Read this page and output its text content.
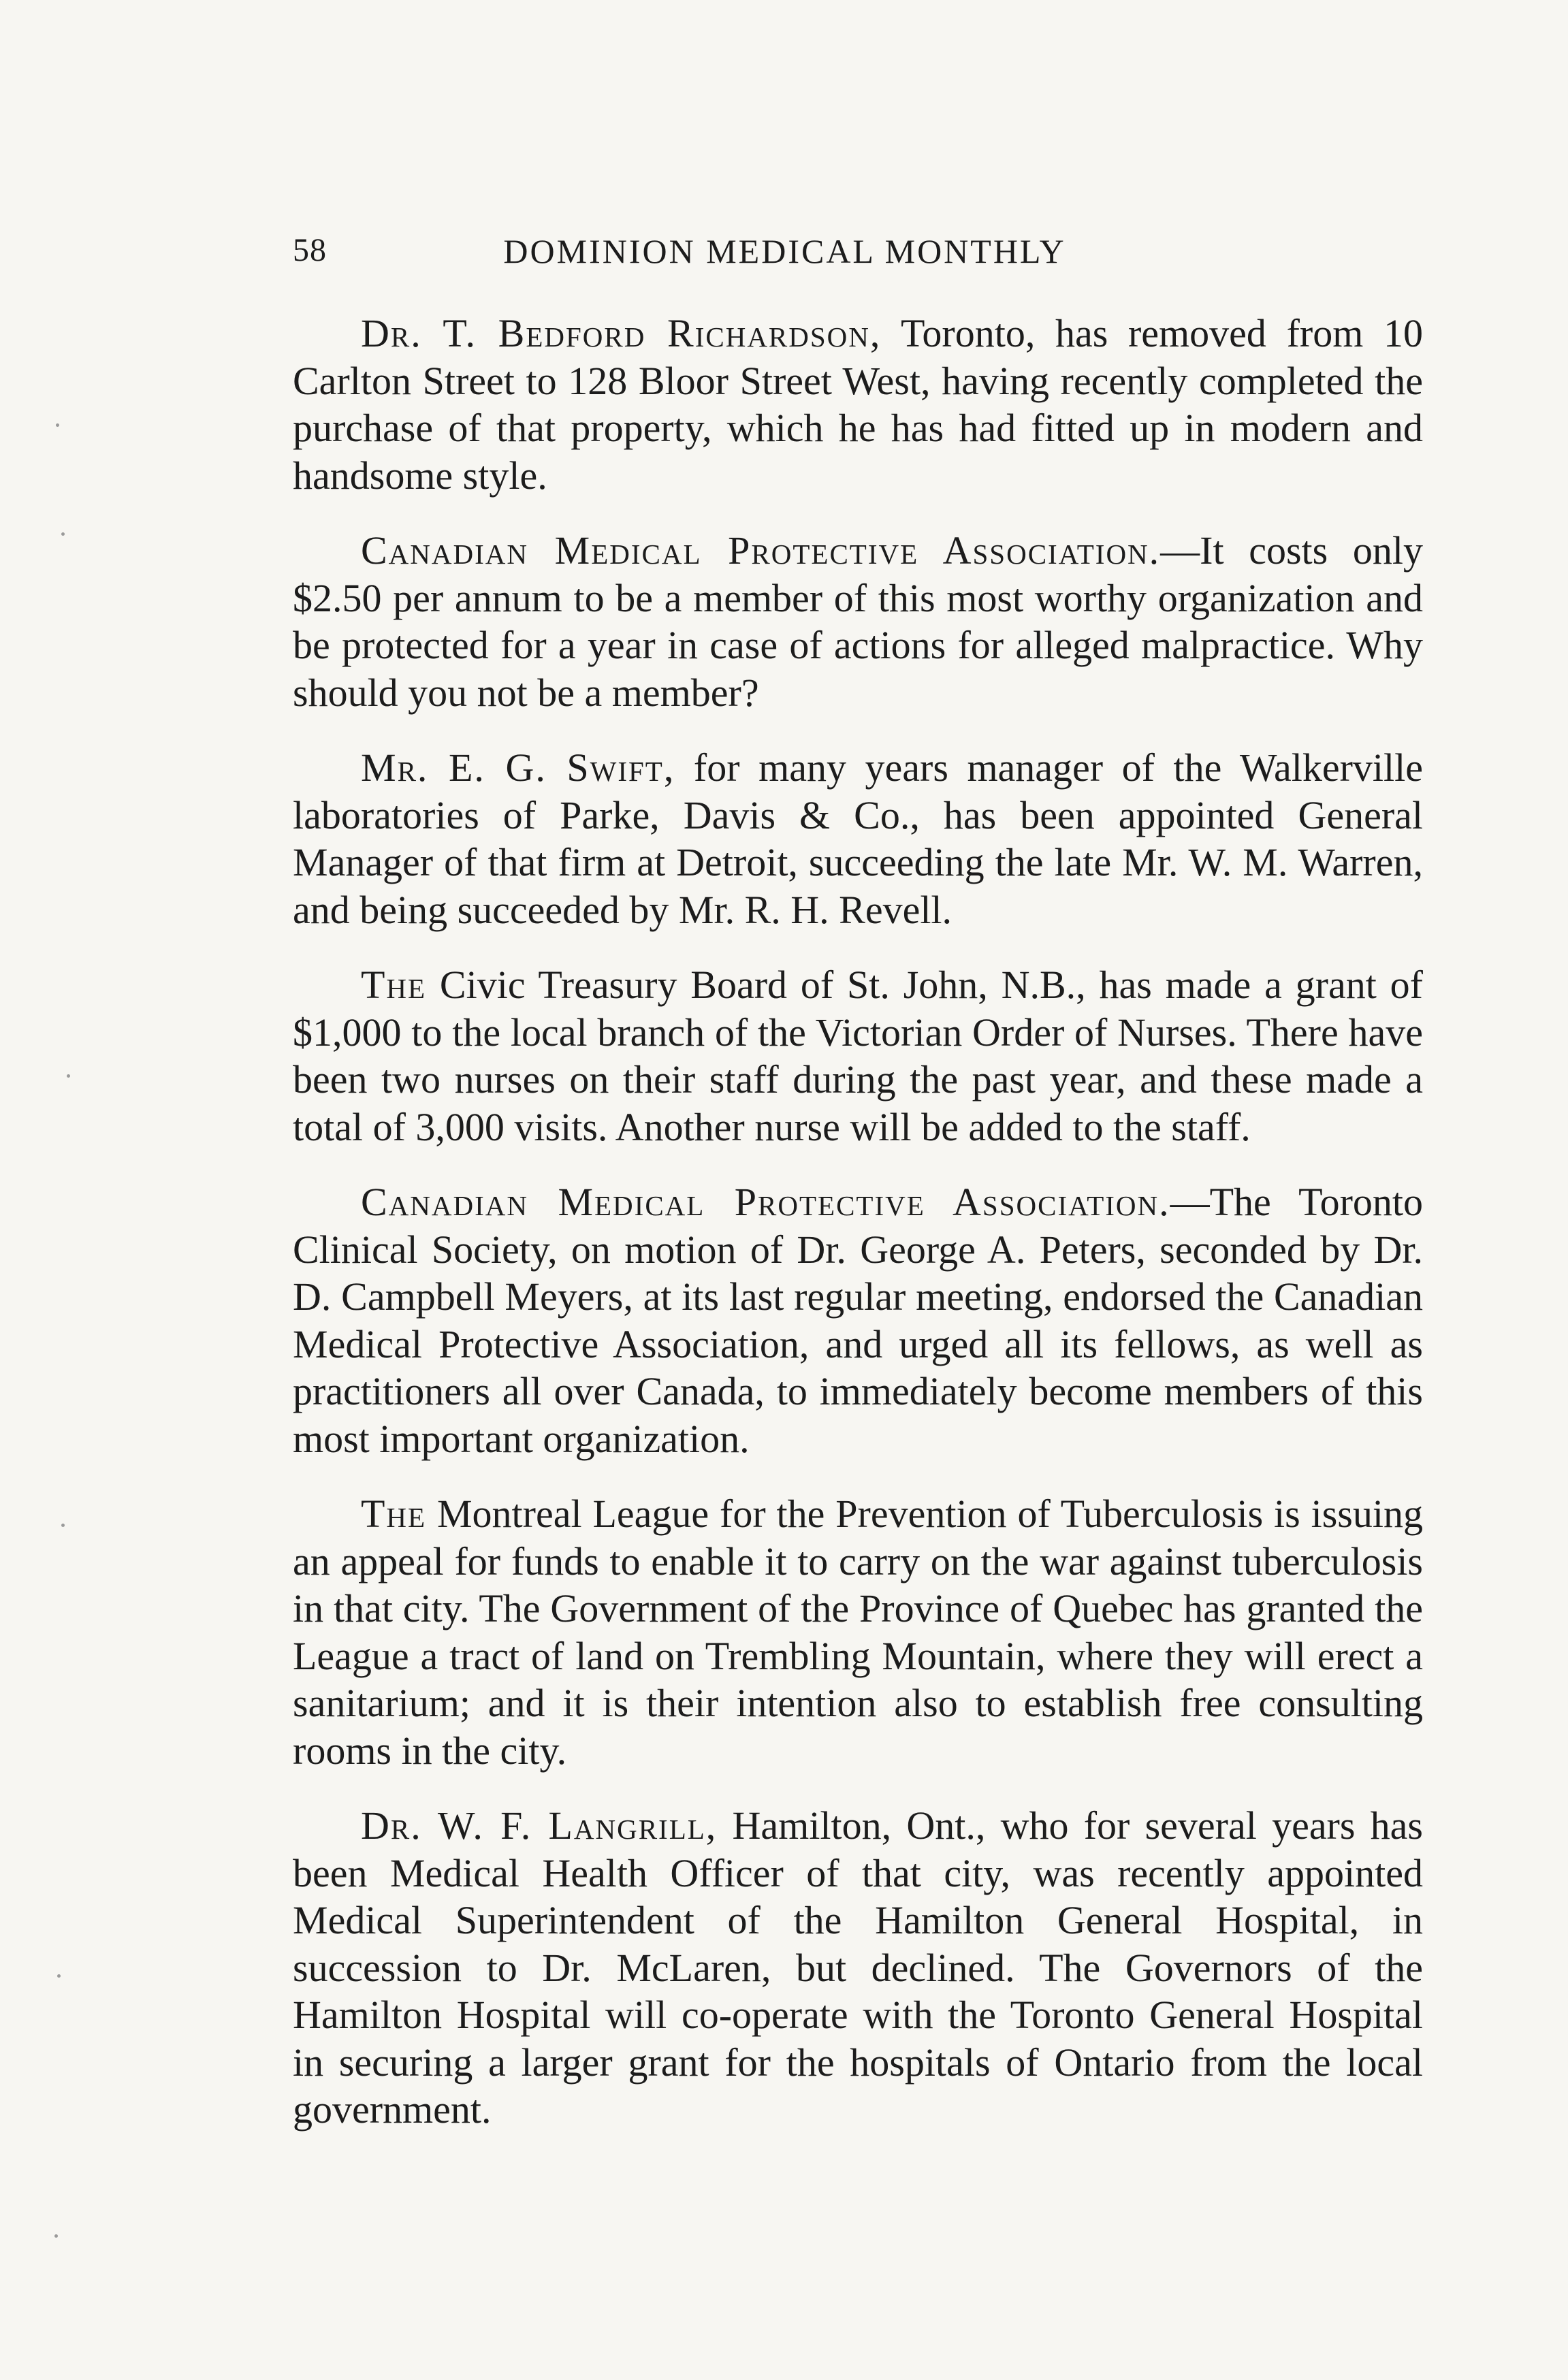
58	DOMINION MEDICAL MONTHLY

Dr. T. Bedford Richardson, Toronto, has removed from 10 Carlton Street to 128 Bloor Street West, having recently completed the purchase of that property, which he has had fitted up in modern and handsome style.

Canadian Medical Protective Association.—It costs only $2.50 per annum to be a member of this most worthy organization and be protected for a year in case of actions for alleged malpractice. Why should you not be a member?

Mr. E. G. Swift, for many years manager of the Walkerville laboratories of Parke, Davis & Co., has been appointed General Manager of that firm at Detroit, succeeding the late Mr. W. M. Warren, and being succeeded by Mr. R. H. Revell.

The Civic Treasury Board of St. John, N.B., has made a grant of $1,000 to the local branch of the Victorian Order of Nurses. There have been two nurses on their staff during the past year, and these made a total of 3,000 visits. Another nurse will be added to the staff.

Canadian Medical Protective Association.—The Toronto Clinical Society, on motion of Dr. George A. Peters, seconded by Dr. D. Campbell Meyers, at its last regular meeting, endorsed the Canadian Medical Protective Association, and urged all its fellows, as well as practitioners all over Canada, to immediately become members of this most important organization.

The Montreal League for the Prevention of Tuberculosis is issuing an appeal for funds to enable it to carry on the war against tuberculosis in that city. The Government of the Province of Quebec has granted the League a tract of land on Trembling Mountain, where they will erect a sanitarium; and it is their intention also to establish free consulting rooms in the city.

Dr. W. F. Langrill, Hamilton, Ont., who for several years has been Medical Health Officer of that city, was recently appointed Medical Superintendent of the Hamilton General Hospital, in succession to Dr. McLaren, but declined. The Governors of the Hamilton Hospital will co-operate with the Toronto General Hospital in securing a larger grant for the hospitals of Ontario from the local government.
